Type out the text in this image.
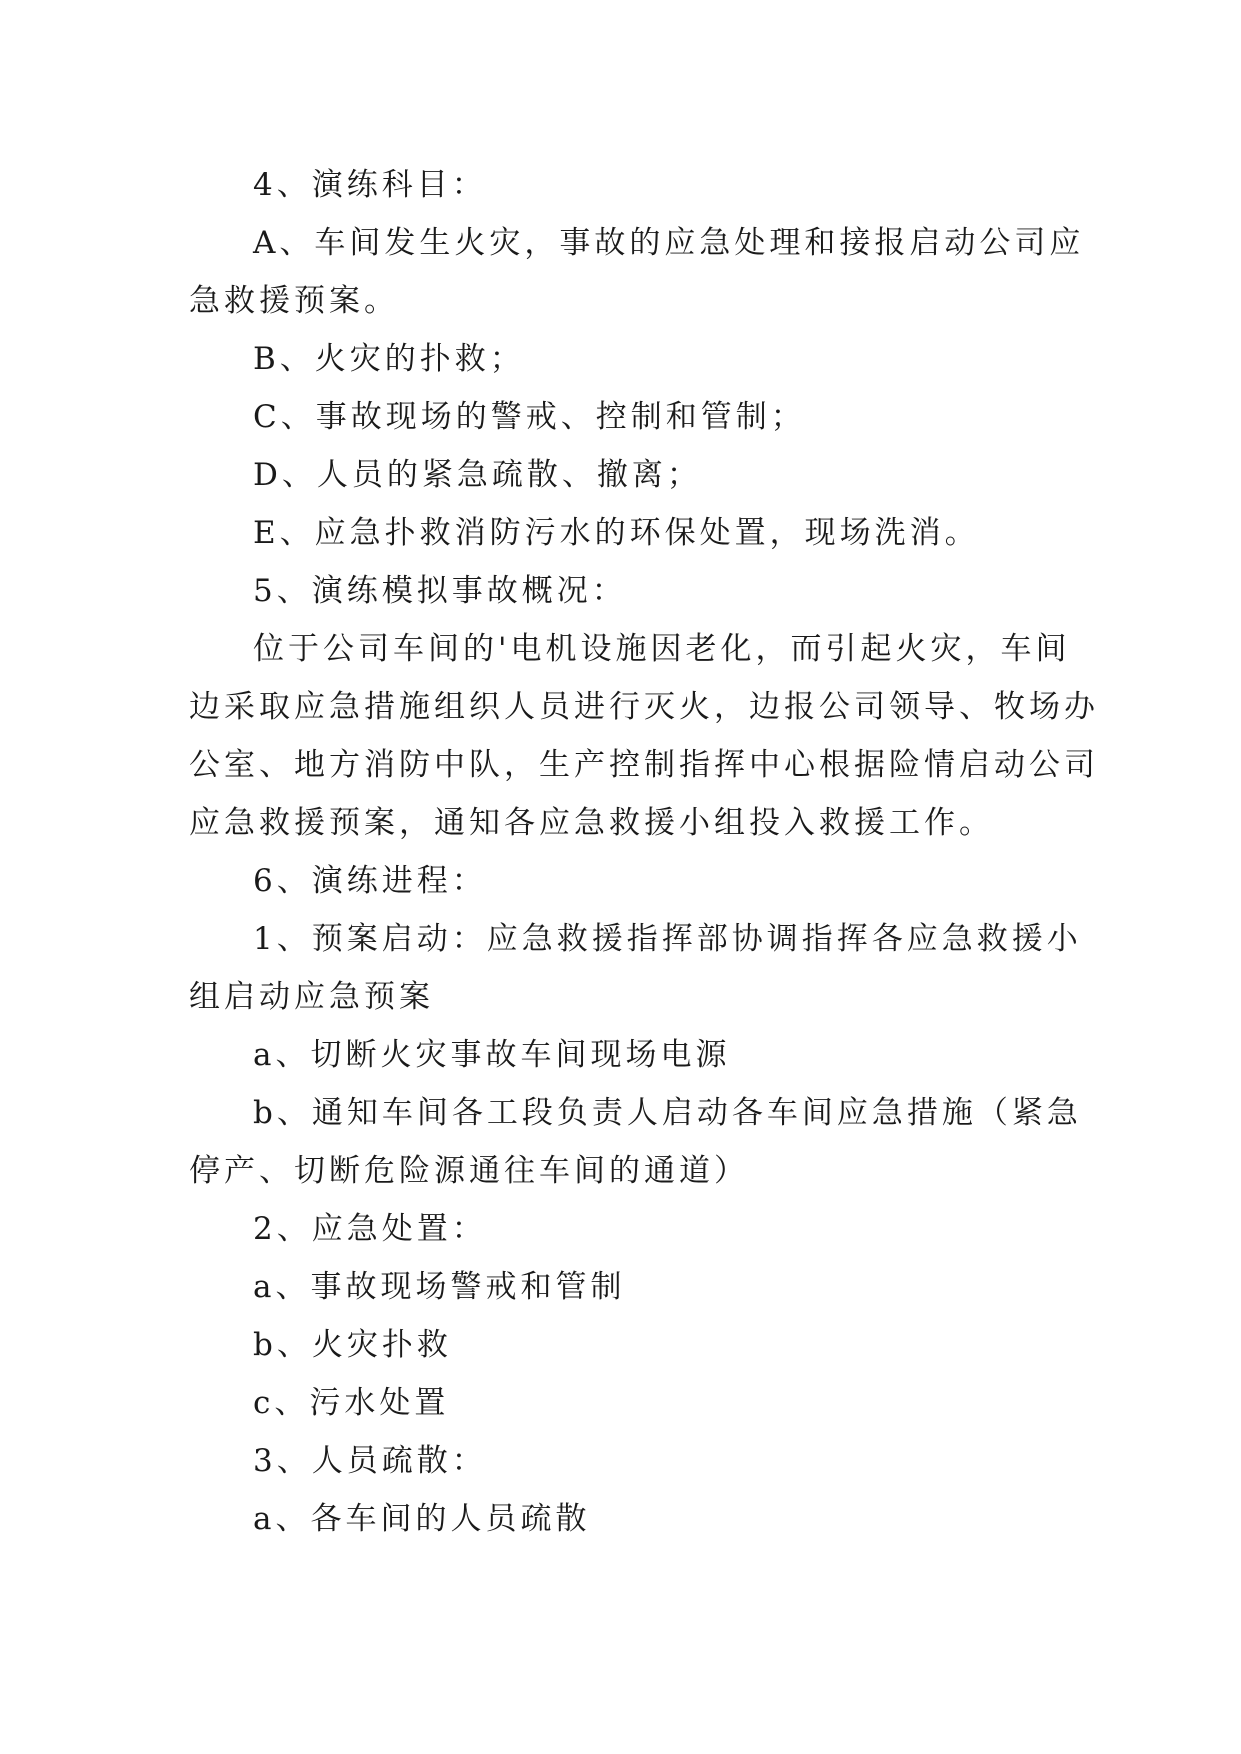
4、演练科目：
A、车间发生火灾，事故的应急处理和接报启动公司应
急救援预案。
B、火灾的扑救；
C、事故现场的警戒、控制和管制；
D、人员的紧急疏散、撤离；
E、应急扑救消防污水的环保处置，现场洗消。
5、演练模拟事故概况：
位于公司车间的'电机设施因老化，而引起火灾，车间
边采取应急措施组织人员进行灭火，边报公司领导、牧场办
公室、地方消防中队，生产控制指挥中心根据险情启动公司
应急救援预案，通知各应急救援小组投入救援工作。
6、演练进程：
1、预案启动：应急救援指挥部协调指挥各应急救援小
组启动应急预案
a、切断火灾事故车间现场电源
b、通知车间各工段负责人启动各车间应急措施（紧急
停产、切断危险源通往车间的通道）
2、应急处置：
a、事故现场警戒和管制
b、火灾扑救
c、污水处置
3、人员疏散：
a、各车间的人员疏散
